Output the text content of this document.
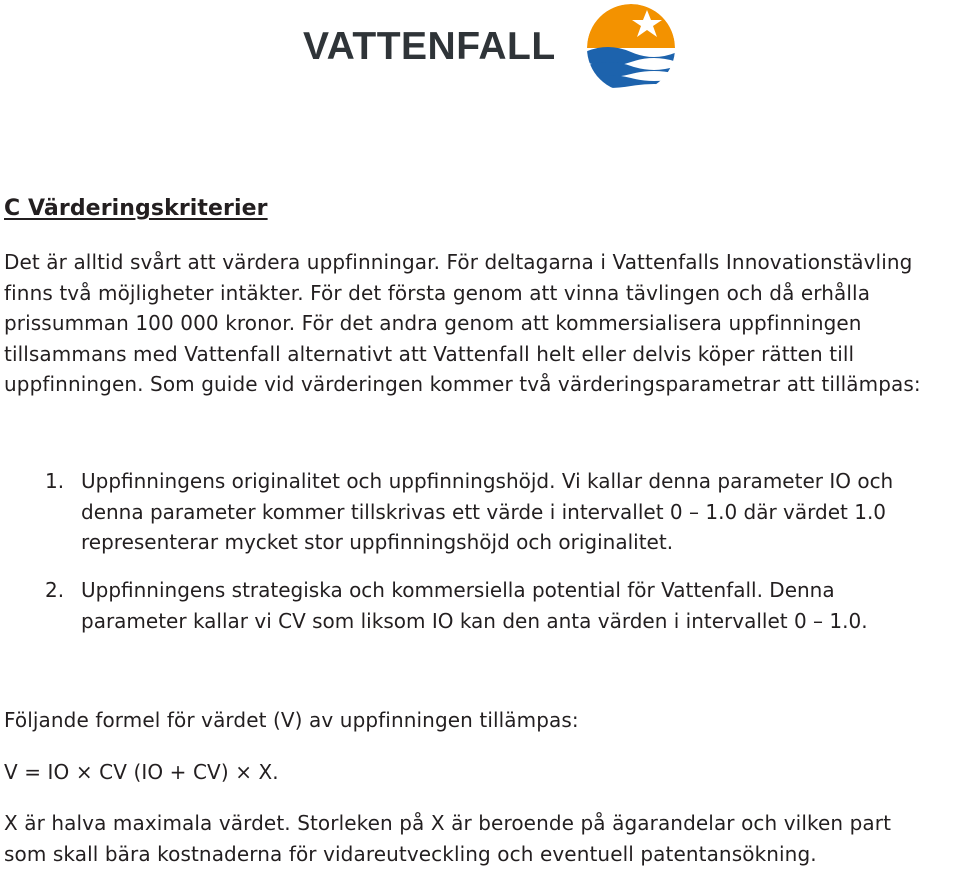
VATTENFALL
C Värderingskriterier

Det är alltid svårt att värdera uppfinningar. För deltagarna i Vattenfalls Innovationstävling
finns två möjligheter intäkter. För det första genom att vinna tävlingen och då erhålla
prissumman 100 000 kronor. För det andra genom att kommersialisera uppfinningen
tillsammans med Vattenfall alternativt att Vattenfall helt eller delvis köper rätten till
uppfinningen. Som guide vid värderingen kommer två värderingsparametrar att tillämpas:

1. Uppfinningens originalitet och uppfinningshöjd. Vi kallar denna parameter IO och
denna parameter kommer tillskrivas ett värde i intervallet 0 – 1.0 där värdet 1.0
representerar mycket stor uppfinningshöjd och originalitet.
2. Uppfinningens strategiska och kommersiella potential för Vattenfall. Denna
parameter kallar vi CV som liksom IO kan den anta värden i intervallet 0 – 1.0.

Följande formel för värdet (V) av uppfinningen tillämpas:

V = IO × CV (IO + CV) × X.

X är halva maximala värdet. Storleken på X är beroende på ägarandelar och vilken part
som skall bära kostnaderna för vidareutveckling och eventuell patentansökning.
